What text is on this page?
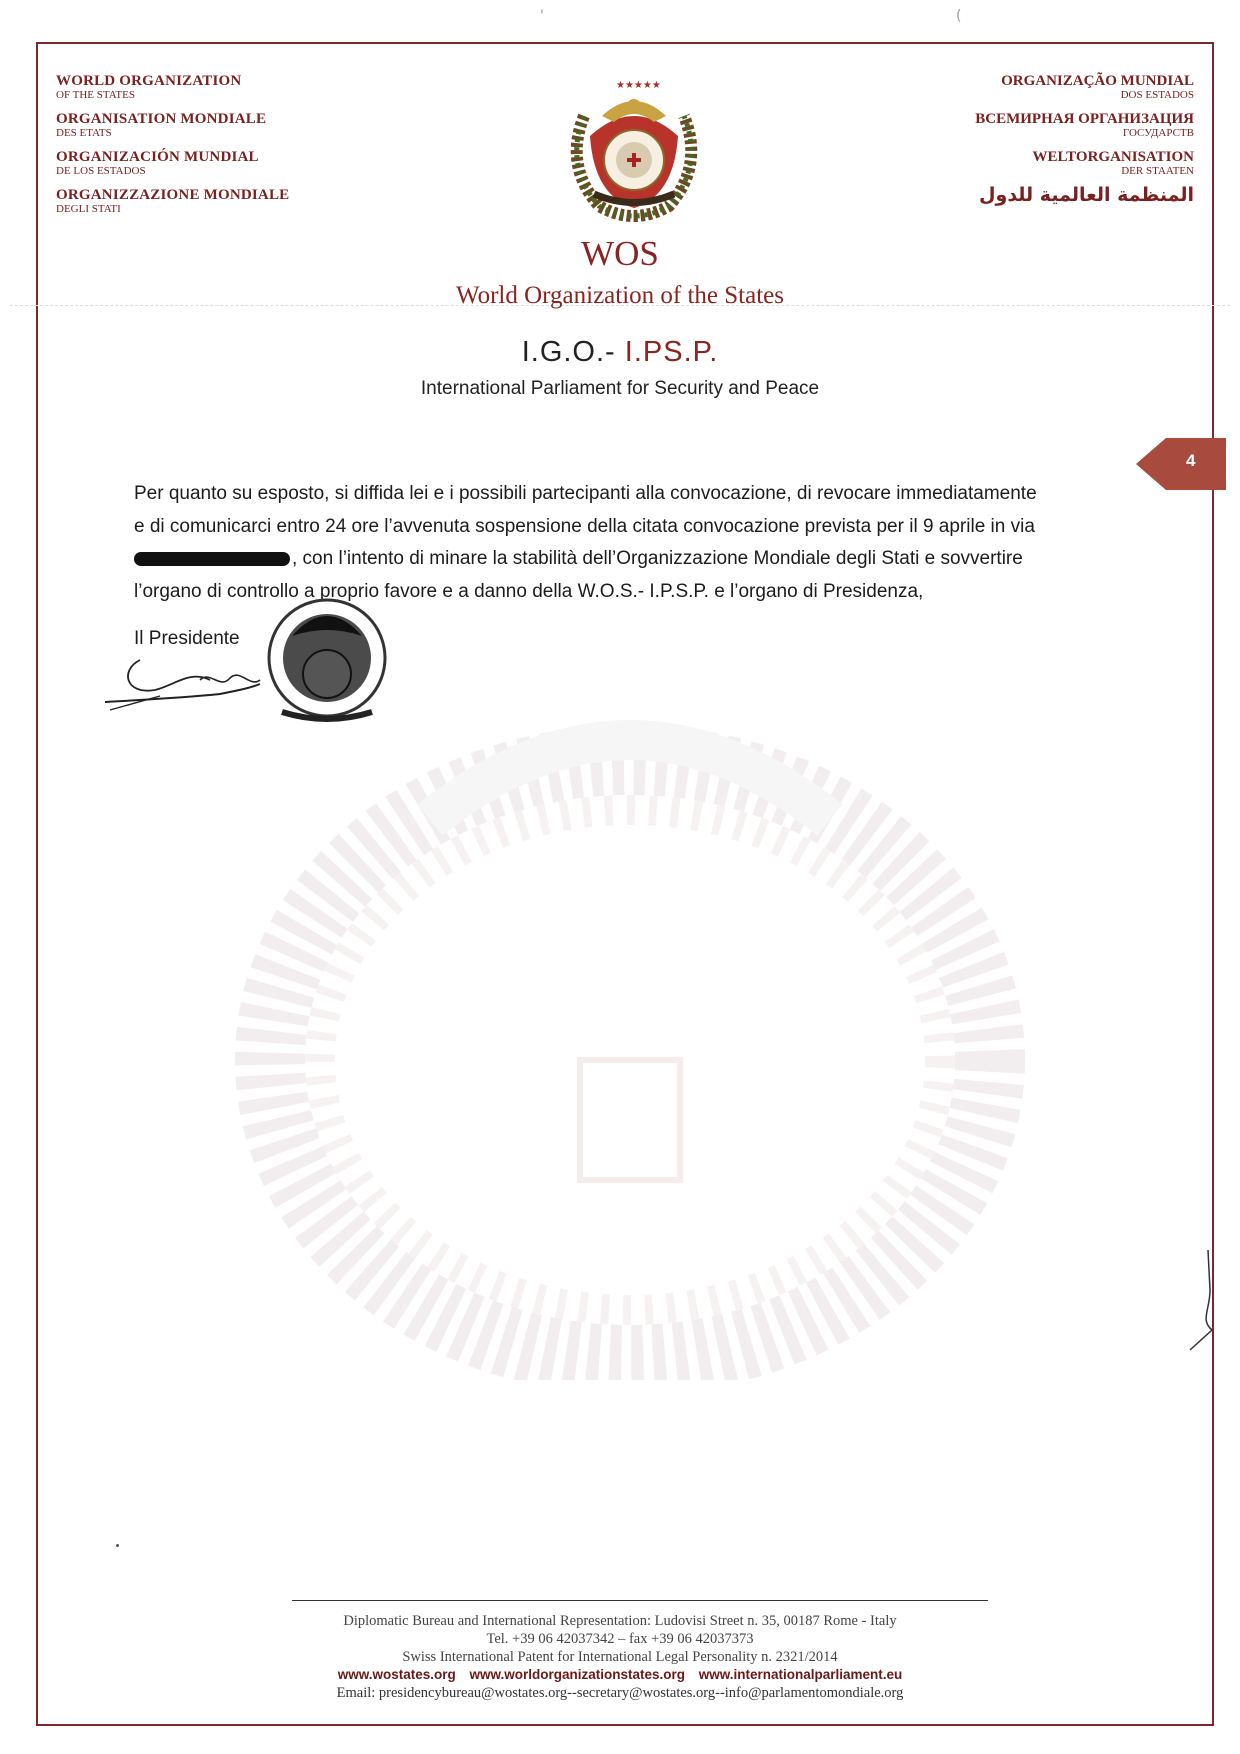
'	(
WORLD ORGANIZATION
OF THE STATES
ORGANISATION MONDIALE
DES ETATS
ORGANIZACIÓN MUNDIAL
DE LOS ESTADOS
ORGANIZZAZIONE MONDIALE
DEGLI STATI
ORGANIZAÇÃO MUNDIAL
DOS ESTADOS
ВСЕМИРНАЯ ОРГАНИЗАЦИЯ
ГОСУДАРСТВ
WELTORGANISATION
DER STAATEN
المنظمة العالمية للدول
★★★★★
WOS
World Organization of the States
I.G.O.- I.PS.P.
International Parliament for Security and Peace
4
Per quanto su esposto, si diffida lei e i possibili partecipanti alla convocazione, di revocare immediatamente
e di comunicarci entro 24 ore l’avvenuta sospensione della citata convocazione prevista per il 9 aprile in via
, con l’intento di minare la stabilità dell’Organizzazione Mondiale degli Stati e sovvertire
l’organo di controllo a proprio favore e a danno della W.O.S.- I.P.S.P. e l’organo di Presidenza,
Il Presidente
Diplomatic Bureau and International Representation: Ludovisi Street n. 35, 00187 Rome - Italy
Tel. +39 06 42037342 – fax +39 06 42037373
Swiss International Patent for International Legal Personality n. 2321/2014
www.wostates.org www.worldorganizationstates.org www.internationalparliament.eu
Email: presidencybureau@wostates.org--secretary@wostates.org--info@parlamentomondiale.org
